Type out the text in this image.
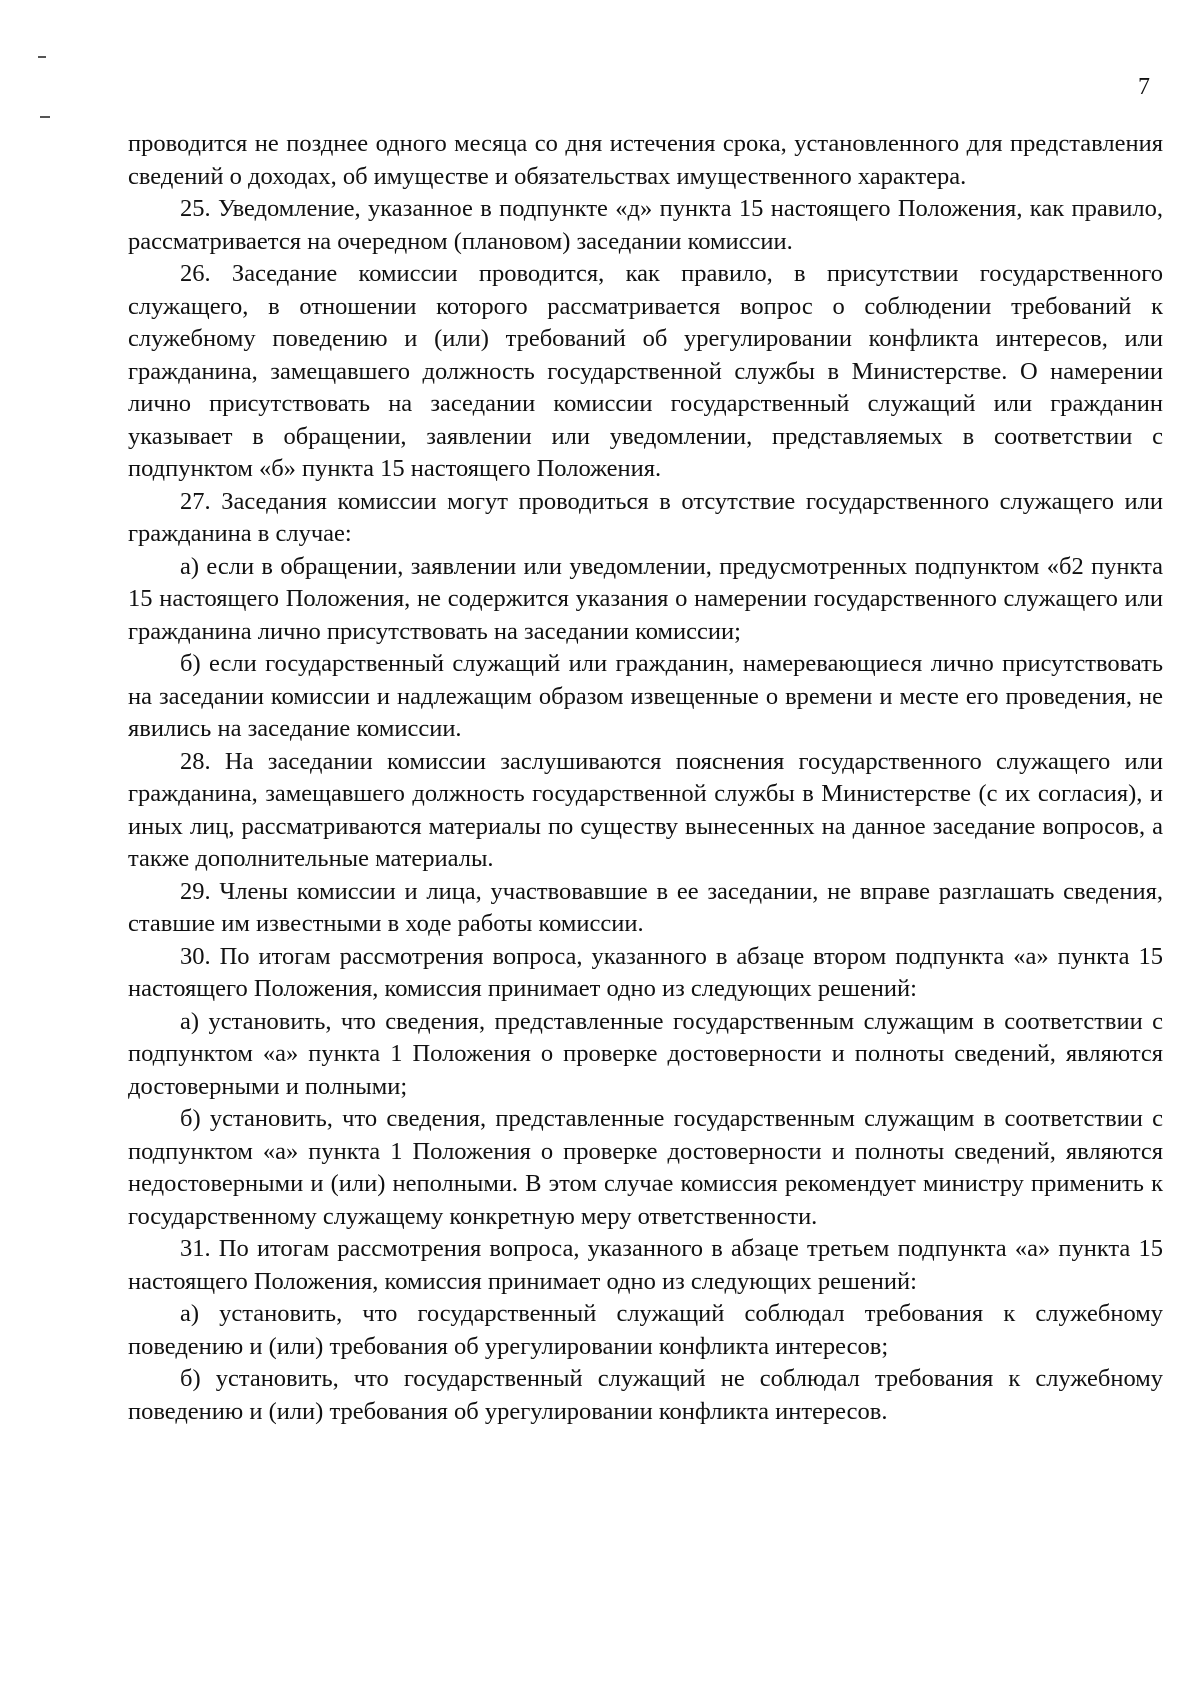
7

проводится не позднее одного месяца со дня истечения срока, установленного для представления сведений о доходах, об имуществе и обязательствах имущественного характера.

25. Уведомление, указанное в подпункте «д» пункта 15 настоящего Положения, как правило, рассматривается на очередном (плановом) заседании комиссии.

26. Заседание комиссии проводится, как правило, в присутствии государственного служащего, в отношении которого рассматривается вопрос о соблюдении требований к служебному поведению и (или) требований об урегулировании конфликта интересов, или гражданина, замещавшего должность государственной службы в Министерстве. О намерении лично присутствовать на заседании комиссии государственный служащий или гражданин указывает в обращении, заявлении или уведомлении, представляемых в соответствии с подпунктом «б» пункта 15 настоящего Положения.

27. Заседания комиссии могут проводиться в отсутствие государственного служащего или гражданина в случае:

а) если в обращении, заявлении или уведомлении, предусмотренных подпунктом «б2 пункта 15 настоящего Положения, не содержится указания о намерении государственного служащего или гражданина лично присутствовать на заседании комиссии;

б) если государственный служащий или гражданин, намеревающиеся лично присутствовать на заседании комиссии и надлежащим образом извещенные о времени и месте его проведения, не явились на заседание комиссии.

28. На заседании комиссии заслушиваются пояснения государственного служащего или гражданина, замещавшего должность государственной службы в Министерстве (с их согласия), и иных лиц, рассматриваются материалы по существу вынесенных на данное заседание вопросов, а также дополнительные материалы.

29. Члены комиссии и лица, участвовавшие в ее заседании, не вправе разглашать сведения, ставшие им известными в ходе работы комиссии.

30. По итогам рассмотрения вопроса, указанного в абзаце втором подпункта «а» пункта 15 настоящего Положения, комиссия принимает одно из следующих решений:

а) установить, что сведения, представленные государственным служащим в соответствии с подпунктом «а» пункта 1 Положения о проверке достоверности и полноты сведений, являются достоверными и полными;

б) установить, что сведения, представленные государственным служащим в соответствии с подпунктом «а» пункта 1 Положения о проверке достоверности и полноты сведений, являются недостоверными и (или) неполными. В этом случае комиссия рекомендует министру применить к государственному служащему конкретную меру ответственности.

31. По итогам рассмотрения вопроса, указанного в абзаце третьем подпункта «а» пункта 15 настоящего Положения, комиссия принимает одно из следующих решений:

а) установить, что государственный служащий соблюдал требования к служебному поведению и (или) требования об урегулировании конфликта интересов;

б) установить, что государственный служащий не соблюдал требования к служебному поведению и (или) требования об урегулировании конфликта интересов.
